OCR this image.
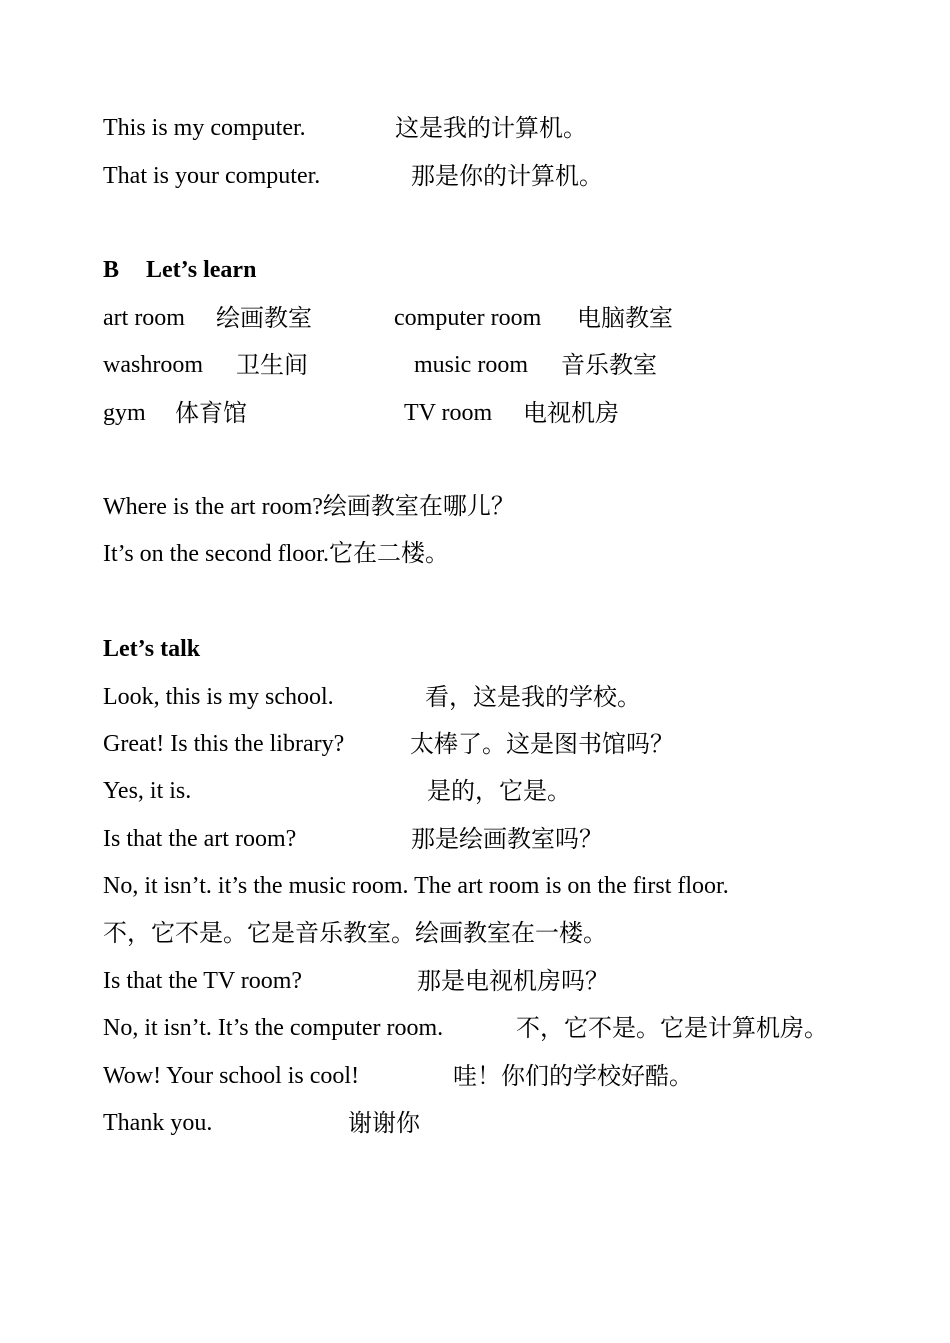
This is my computer.	这是我的计算机。
That is your computer.	那是你的计算机。
B Let’s learn
art room 绘画教室	computer room 电脑教室
washroom 卫生间	music room 音乐教室
gym 体育馆	TV room 电视机房
Where is the art room?绘画教室在哪儿？
It’s on the second floor.它在二楼。
Let’s talk
Look, this is my school.	看，这是我的学校。
Great! Is this the library?	太棒了。这是图书馆吗？
Yes, it is.	是的，它是。
Is that the art room?	那是绘画教室吗？
No, it isn’t. it’s the music room. The art room is on the first floor.
不，它不是。它是音乐教室。绘画教室在一楼。
Is that the TV room?	那是电视机房吗？
No, it isn’t. It’s the computer room.	不，它不是。它是计算机房。
Wow! Your school is cool!	哇！你们的学校好酷。
Thank you.	谢谢你
